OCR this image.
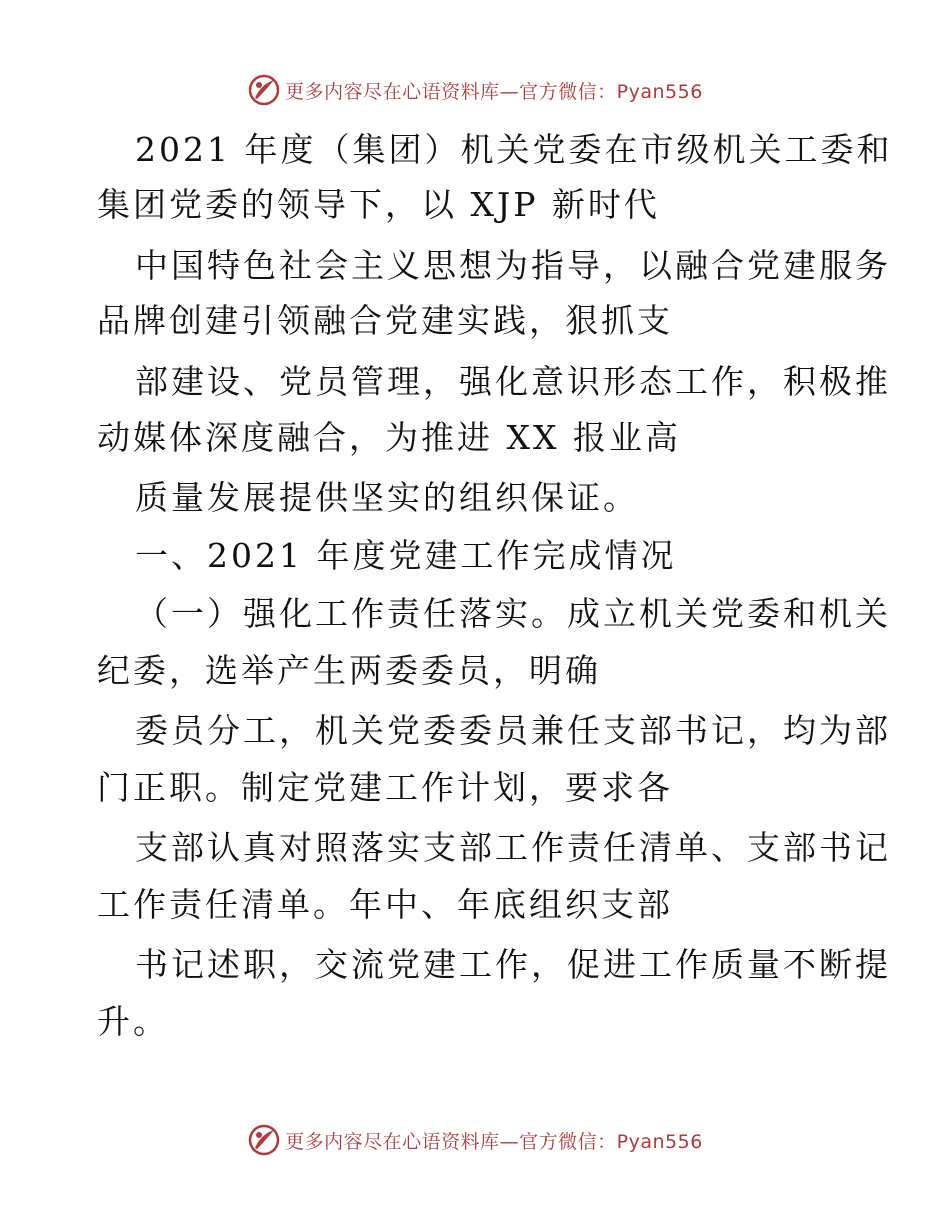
更多内容尽在心语资料库—官方微信：Pyan556
2021 年度（集团）机关党委在市级机关工委和
集团党委的领导下，以 XJP 新时代
中国特色社会主义思想为指导，以融合党建服务
品牌创建引领融合党建实践，狠抓支
部建设、党员管理，强化意识形态工作，积极推
动媒体深度融合，为推进 XX 报业高
质量发展提供坚实的组织保证。
一、2021 年度党建工作完成情况
（一）强化工作责任落实。成立机关党委和机关
纪委，选举产生两委委员，明确
委员分工，机关党委委员兼任支部书记，均为部
门正职。制定党建工作计划，要求各
支部认真对照落实支部工作责任清单、支部书记
工作责任清单。年中、年底组织支部
书记述职，交流党建工作，促进工作质量不断提
升。
更多内容尽在心语资料库—官方微信：Pyan556
